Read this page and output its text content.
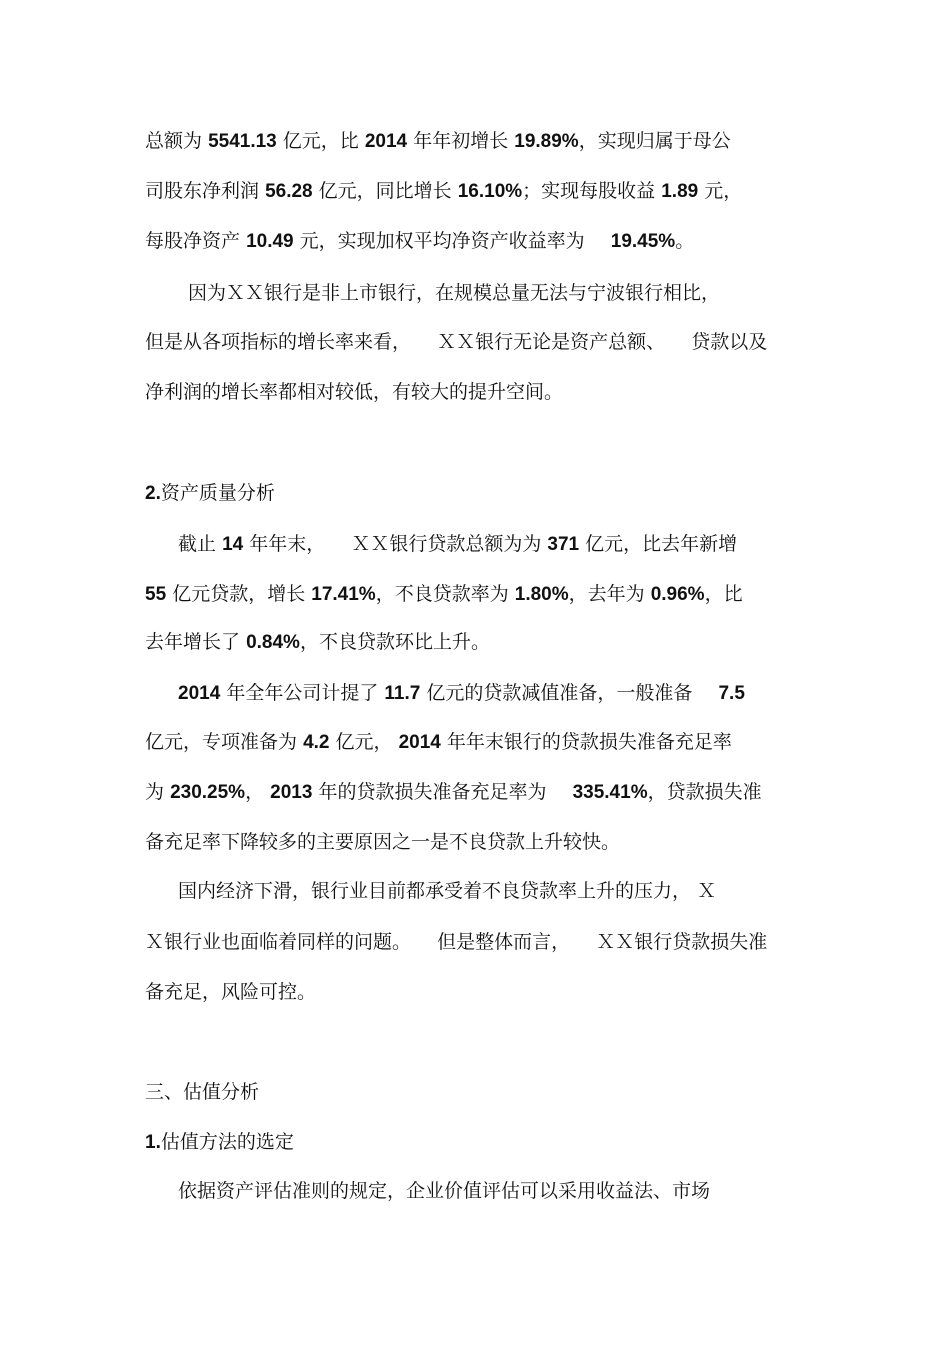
总额为 5541.13 亿元，比 2014 年年初增长 19.89%，实现归属于母公
司股东净利润 56.28 亿元，同比增长 16.10%；实现每股收益 1.89 元，
每股净资产 10.49 元，实现加权平均净资产收益率为 19.45%。
因为ＸＸ银行是非上市银行，在规模总量无法与宁波银行相比，
但是从各项指标的增长率来看， ＸＸ银行无论是资产总额、 贷款以及
净利润的增长率都相对较低，有较大的提升空间。
2.资产质量分析
截止 14 年年末， ＸＸ银行贷款总额为为 371 亿元，比去年新增
55 亿元贷款，增长 17.41%，不良贷款率为 1.80%，去年为 0.96%，比
去年增长了 0.84%，不良贷款环比上升。
2014 年全年公司计提了 11.7 亿元的贷款减值准备，一般准备 7.5
亿元，专项准备为 4.2 亿元， 2014 年年末银行的贷款损失准备充足率
为 230.25%， 2013 年的贷款损失准备充足率为 335.41%，贷款损失准
备充足率下降较多的主要原因之一是不良贷款上升较快。
国内经济下滑，银行业目前都承受着不良贷款率上升的压力， Ｘ
Ｘ银行业也面临着同样的问题。 但是整体而言， ＸＸ银行贷款损失准
备充足，风险可控。
三、估值分析
1.估值方法的选定
依据资产评估准则的规定，企业价值评估可以采用收益法、市场
